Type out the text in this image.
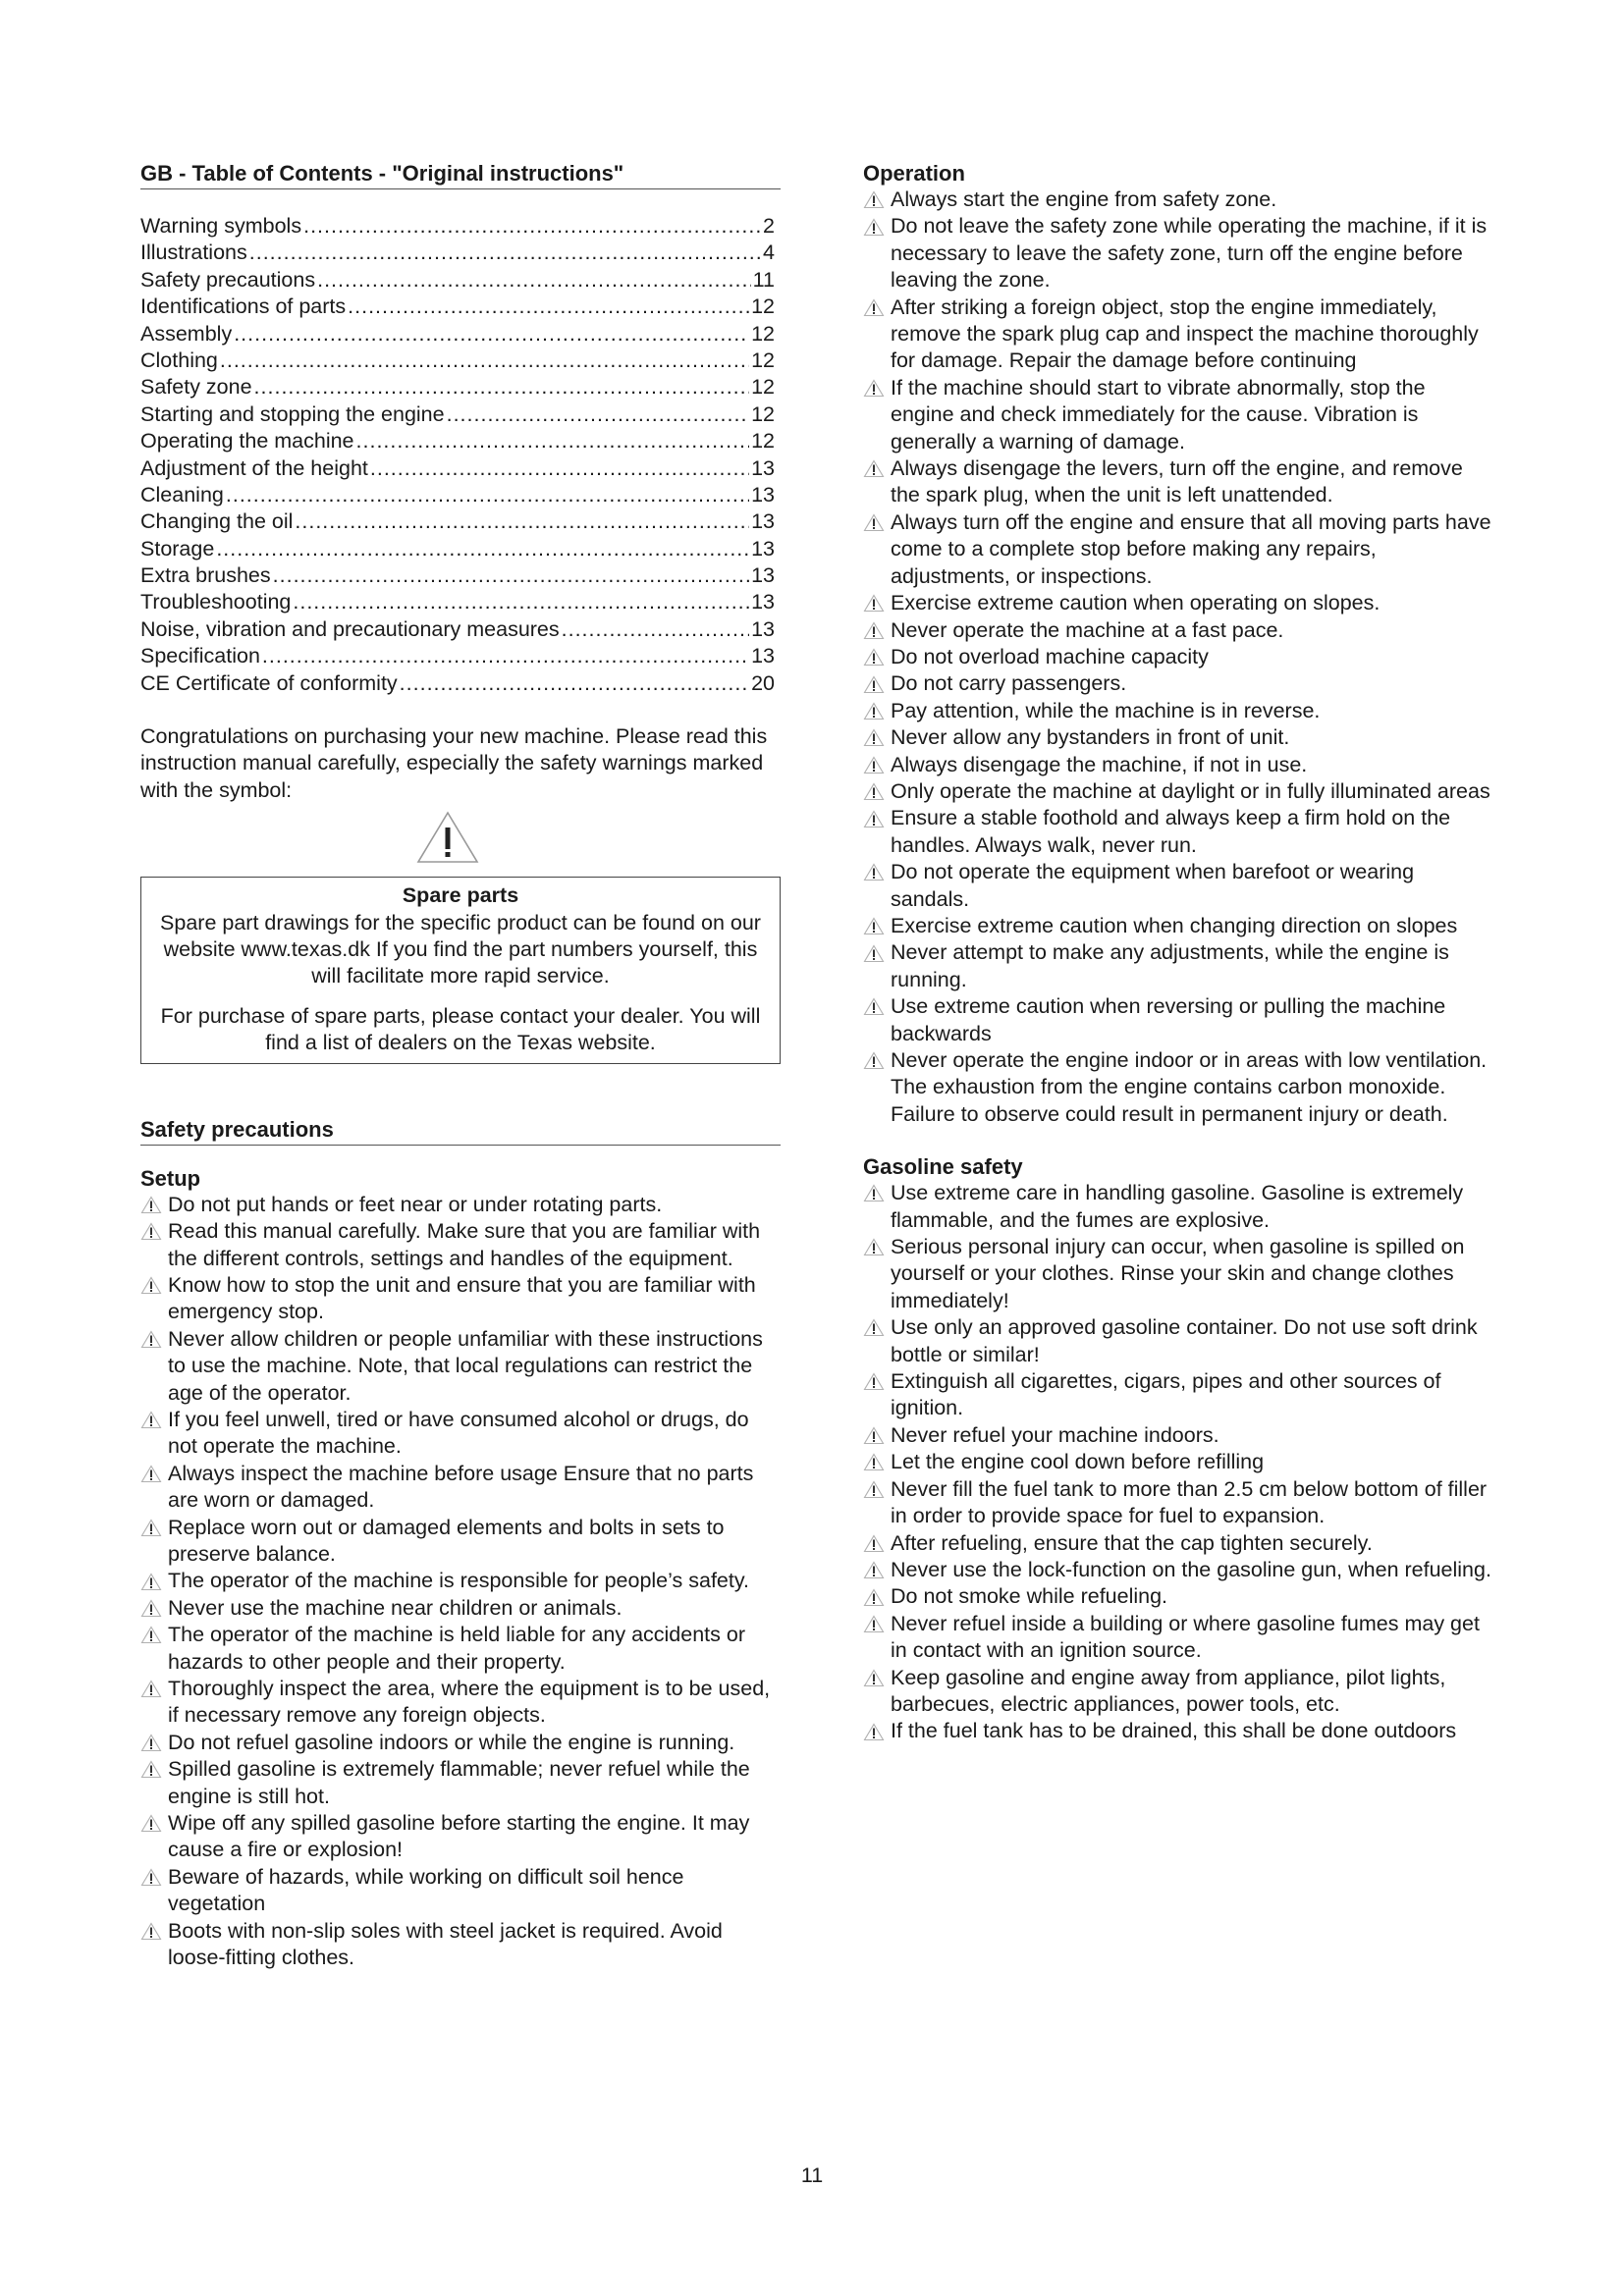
GB - Table of Contents - "Original instructions"
Warning symbols .....	2
Illustrations .....	4
Safety precautions .....	11
Identifications of parts .....	12
Assembly .....	12
Clothing .....	12
Safety zone .....	12
Starting and stopping the engine .....	12
Operating the machine .....	12
Adjustment of the height .....	13
Cleaning .....	13
Changing the oil .....	13
Storage .....	13
Extra brushes .....	13
Troubleshooting .....	13
Noise, vibration and precautionary measures .....	13
Specification .....	13
CE Certificate of conformity .....	20
Congratulations on purchasing your new machine. Please read this instruction manual carefully, especially the safety warnings marked with the symbol:
Spare parts

Spare part drawings for the specific product can be found on our website www.texas.dk If you find the part numbers yourself, this will facilitate more rapid service.

For purchase of spare parts, please contact your dealer. You will find a list of dealers on the Texas website.

Safety precautions
Setup
Do not put hands or feet near or under rotating parts.
Read this manual carefully. Make sure that you are familiar with the different controls, settings and handles of the equipment.
Know how to stop the unit and ensure that you are familiar with emergency stop.
Never allow children or people unfamiliar with these instructions to use the machine. Note, that local regulations can restrict the age of the operator.
If you feel unwell, tired or have consumed alcohol or drugs, do not operate the machine.
Always inspect the machine before usage Ensure that no parts are worn or damaged.
Replace worn out or damaged elements and bolts in sets to preserve balance.
The operator of the machine is responsible for people’s safety.
Never use the machine near children or animals.
The operator of the machine is held liable for any accidents or hazards to other people and their property.
Thoroughly inspect the area, where the equipment is to be used, if necessary remove any foreign objects.
Do not refuel gasoline indoors or while the engine is running.
Spilled gasoline is extremely flammable; never refuel while the engine is still hot.
Wipe off any spilled gasoline before starting the engine. It may cause a fire or explosion!
Beware of hazards, while working on difficult soil hence vegetation
Boots with non-slip soles with steel jacket is required. Avoid loose-fitting clothes.
Operation
Always start the engine from safety zone.
Do not leave the safety zone while operating the machine, if it is necessary to leave the safety zone, turn off the engine before leaving the zone.
After striking a foreign object, stop the engine immediately, remove the spark plug cap and inspect the machine thoroughly for damage. Repair the damage before continuing
If the machine should start to vibrate abnormally, stop the engine and check immediately for the cause. Vibration is generally a warning of damage.
Always disengage the levers, turn off the engine, and remove the spark plug, when the unit is left unattended.
Always turn off the engine and ensure that all moving parts have come to a complete stop before making any repairs, adjustments, or inspections.
Exercise extreme caution when operating on slopes.
Never operate the machine at a fast pace.
Do not overload machine capacity
Do not carry passengers.
Pay attention, while the machine is in reverse.
Never allow any bystanders in front of unit.
Always disengage the machine, if not in use.
Only operate the machine at daylight or in fully illuminated areas
Ensure a stable foothold and always keep a firm hold on the handles. Always walk, never run.
Do not operate the equipment when barefoot or wearing sandals.
Exercise extreme caution when changing direction on slopes
Never attempt to make any adjustments, while the engine is running.
Use extreme caution when reversing or pulling the machine backwards
Never operate the engine indoor or in areas with low ventilation. The exhaustion from the engine contains carbon monoxide. Failure to observe could result in permanent injury or death.
Gasoline safety
Use extreme care in handling gasoline. Gasoline is extremely flammable, and the fumes are explosive.
Serious personal injury can occur, when gasoline is spilled on yourself or your clothes. Rinse your skin and change clothes immediately!
Use only an approved gasoline container. Do not use soft drink bottle or similar!
Extinguish all cigarettes, cigars, pipes and other sources of ignition.
Never refuel your machine indoors.
Let the engine cool down before refilling
Never fill the fuel tank to more than 2.5 cm below bottom of filler in order to provide space for fuel to expansion.
After refueling, ensure that the cap tighten securely.
Never use the lock-function on the gasoline gun, when refueling.
Do not smoke while refueling.
Never refuel inside a building or where gasoline fumes may get in contact with an ignition source.
Keep gasoline and engine away from appliance, pilot lights, barbecues, electric appliances, power tools, etc.
If the fuel tank has to be drained, this shall be done outdoors
11
